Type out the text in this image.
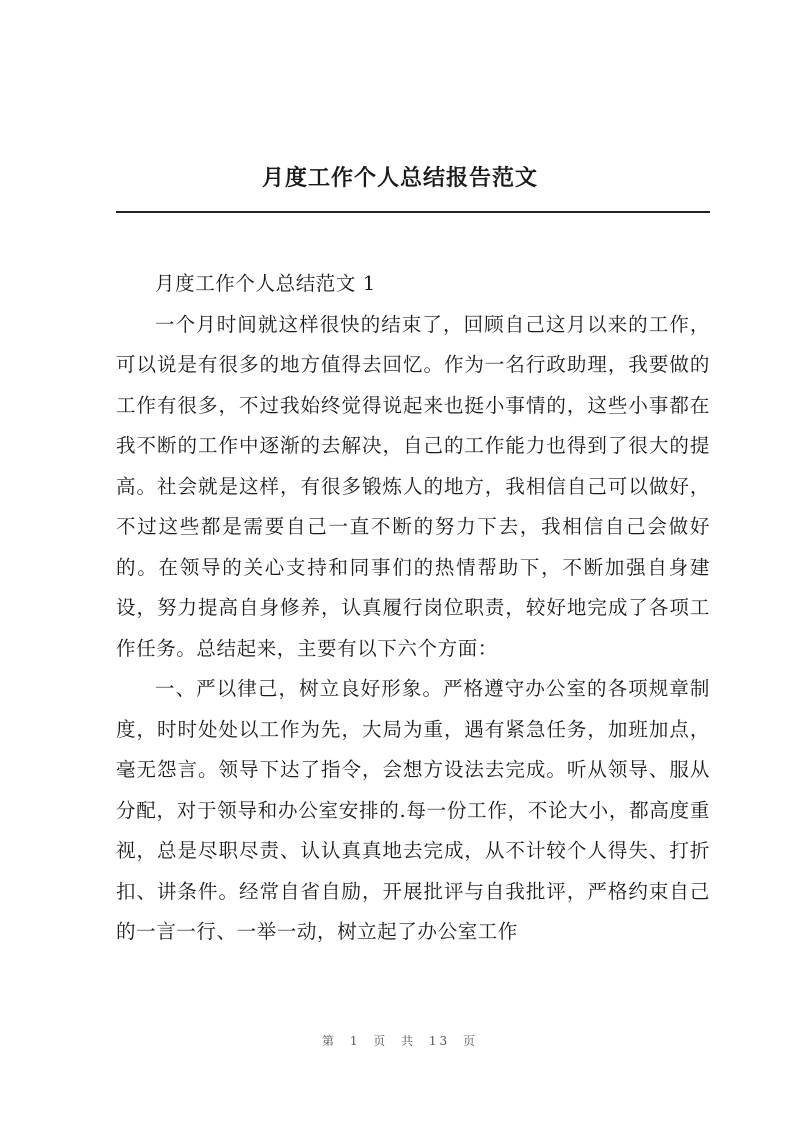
月度工作个人总结报告范文

月度工作个人总结范文 1

一个月时间就这样很快的结束了，回顾自己这月以来的工作，可以说是有很多的地方值得去回忆。作为一名行政助理，我要做的工作有很多，不过我始终觉得说起来也挺小事情的，这些小事都在我不断的工作中逐渐的去解决，自己的工作能力也得到了很大的提高。社会就是这样，有很多锻炼人的地方，我相信自己可以做好，不过这些都是需要自己一直不断的努力下去，我相信自己会做好的。在领导的关心支持和同事们的热情帮助下，不断加强自身建设，努力提高自身修养，认真履行岗位职责，较好地完成了各项工作任务。总结起来，主要有以下六个方面：

一、严以律己，树立良好形象。严格遵守办公室的各项规章制度，时时处处以工作为先，大局为重，遇有紧急任务，加班加点，毫无怨言。领导下达了指令，会想方设法去完成。听从领导、服从分配，对于领导和办公室安排的.每一份工作，不论大小，都高度重视，总是尽职尽责、认认真真地去完成，从不计较个人得失、打折扣、讲条件。经常自省自励，开展批评与自我批评，严格约束自己的一言一行、一举一动，树立起了办公室工作

第 1 页 共 13 页
